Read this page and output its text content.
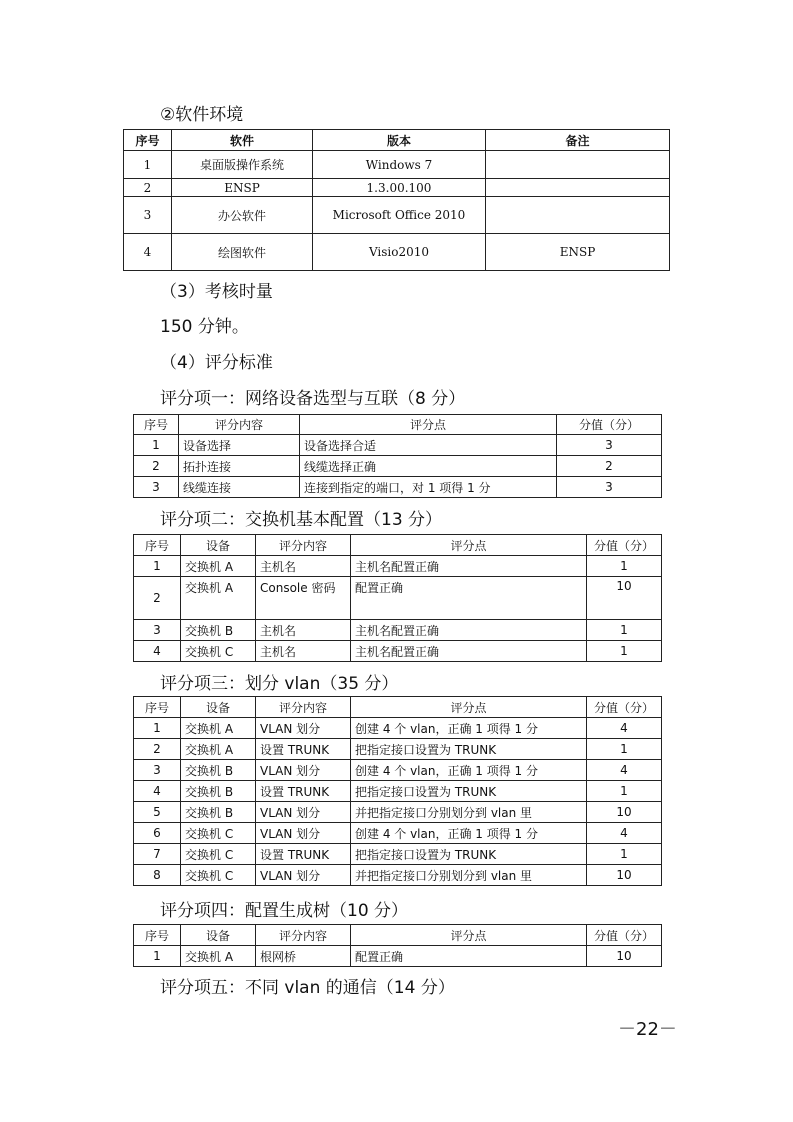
②软件环境
序号	软件	版本	备注
1	桌面版操作系统	Windows 7	
2	ENSP	1.3.00.100	
3	办公软件	Microsoft Office 2010	
4	绘图软件	Visio2010	ENSP
（3）考核时量
150 分钟。
（4）评分标准
评分项一：网络设备选型与互联（8 分）
序号	评分内容	评分点	分值（分）
1	设备选择	设备选择合适	3
2	拓扑连接	线缆选择正确	2
3	线缆连接	连接到指定的端口，对 1 项得 1 分	3
评分项二：交换机基本配置（13 分）
序号	设备	评分内容	评分点	分值（分）
1	交换机 A	主机名	主机名配置正确	1
2	交换机 A	Console 密码	配置正确	10
3	交换机 B	主机名	主机名配置正确	1
4	交换机 C	主机名	主机名配置正确	1
评分项三：划分 vlan（35 分）
序号	设备	评分内容	评分点	分值（分）
1	交换机 A	VLAN 划分	创建 4 个 vlan，正确 1 项得 1 分	4
2	交换机 A	设置 TRUNK	把指定接口设置为 TRUNK	1
3	交换机 B	VLAN 划分	创建 4 个 vlan，正确 1 项得 1 分	4
4	交换机 B	设置 TRUNK	把指定接口设置为 TRUNK	1
5	交换机 B	VLAN 划分	并把指定接口分别划分到 vlan 里	10
6	交换机 C	VLAN 划分	创建 4 个 vlan，正确 1 项得 1 分	4
7	交换机 C	设置 TRUNK	把指定接口设置为 TRUNK	1
8	交换机 C	VLAN 划分	并把指定接口分别划分到 vlan 里	10
评分项四：配置生成树（10 分）
序号	设备	评分内容	评分点	分值（分）
1	交换机 A	根网桥	配置正确	10
评分项五：不同 vlan 的通信（14 分）
－22－
